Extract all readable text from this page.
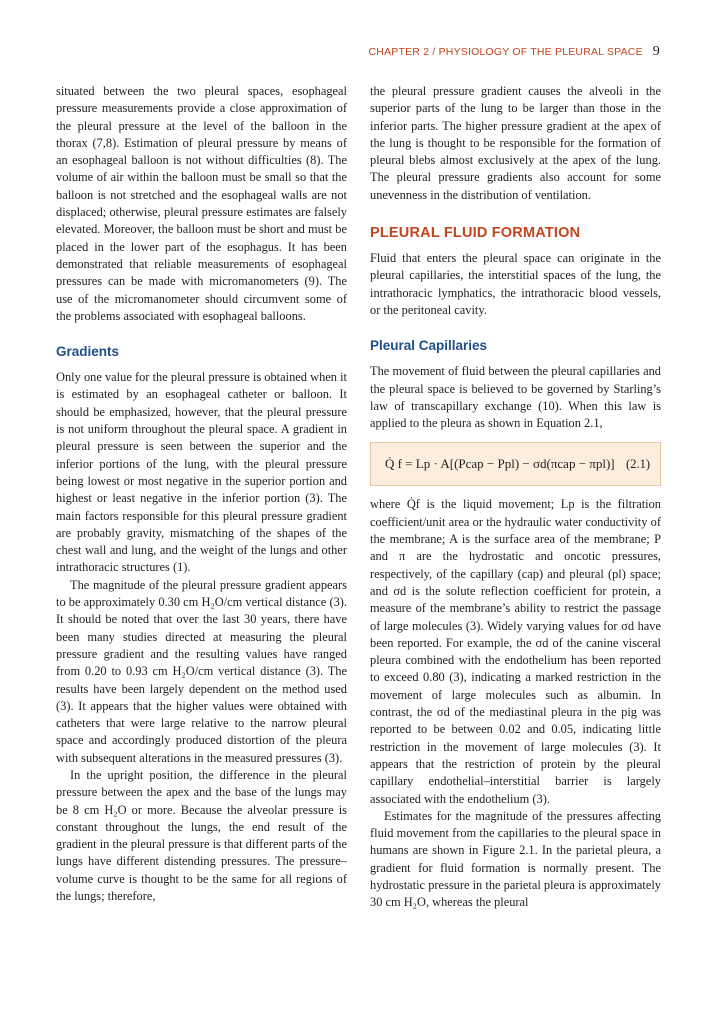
CHAPTER 2 / PHYSIOLOGY OF THE PLEURAL SPACE 9

situated between the two pleural spaces, esophageal pressure measurements provide a close approximation of the pleural pressure at the level of the balloon in the thorax (7,8). Estimation of pleural pressure by means of an esophageal balloon is not without difficulties (8). The volume of air within the balloon must be small so that the balloon is not stretched and the esophageal walls are not displaced; otherwise, pleural pressure estimates are falsely elevated. Moreover, the balloon must be short and must be placed in the lower part of the esophagus. It has been demonstrated that reliable measurements of esophageal pressures can be made with micromanometers (9). The use of the micromanometer should circumvent some of the problems associated with esophageal balloons.

Gradients

Only one value for the pleural pressure is obtained when it is estimated by an esophageal catheter or balloon. It should be emphasized, however, that the pleural pressure is not uniform throughout the pleural space. A gradient in pleural pressure is seen between the superior and the inferior portions of the lung, with the pleural pressure being lowest or most negative in the superior portion and highest or least negative in the inferior portion (3). The main factors responsible for this pleural pressure gradient are probably gravity, mismatching of the shapes of the chest wall and lung, and the weight of the lungs and other intrathoracic structures (1).

The magnitude of the pleural pressure gradient appears to be approximately 0.30 cm H₂O/cm vertical distance (3). It should be noted that over the last 30 years, there have been many studies directed at measuring the pleural pressure gradient and the resulting values have ranged from 0.20 to 0.93 cm H₂O/cm vertical distance (3). The results have been largely dependent on the method used (3). It appears that the higher values were obtained with catheters that were large relative to the narrow pleural space and accordingly produced distortion of the pleura with subsequent alterations in the measured pressures (3).

In the upright position, the difference in the pleural pressure between the apex and the base of the lungs may be 8 cm H₂O or more. Because the alveolar pressure is constant throughout the lungs, the end result of the gradient in the pleural pressure is that different parts of the lungs have different distending pressures. The pressure–volume curve is thought to be the same for all regions of the lungs; therefore,

the pleural pressure gradient causes the alveoli in the superior parts of the lung to be larger than those in the inferior parts. The higher pressure gradient at the apex of the lung is thought to be responsible for the formation of pleural blebs almost exclusively at the apex of the lung. The pleural pressure gradients also account for some unevenness in the distribution of ventilation.

PLEURAL FLUID FORMATION

Fluid that enters the pleural space can originate in the pleural capillaries, the interstitial spaces of the lung, the intrathoracic lymphatics, the intrathoracic blood vessels, or the peritoneal cavity.

Pleural Capillaries

The movement of fluid between the pleural capillaries and the pleural space is believed to be governed by Starling’s law of transcapillary exchange (10). When this law is applied to the pleura as shown in Equation 2.1,

Q̇ f = Lp · A[(Pcap − Ppl) − σd(πcap − πpl)] (2.1)

where Q̇f is the liquid movement; Lp is the filtration coefficient/unit area or the hydraulic water conductivity of the membrane; A is the surface area of the membrane; P and π are the hydrostatic and oncotic pressures, respectively, of the capillary (cap) and pleural (pl) space; and σd is the solute reflection coefficient for protein, a measure of the membrane’s ability to restrict the passage of large molecules (3). Widely varying values for σd have been reported. For example, the σd of the canine visceral pleura combined with the endothelium has been reported to exceed 0.80 (3), indicating a marked restriction in the movement of large molecules such as albumin. In contrast, the σd of the mediastinal pleura in the pig was reported to be between 0.02 and 0.05, indicating little restriction in the movement of large molecules (3). It appears that the restriction of protein by the pleural capillary endothelial–interstitial barrier is largely associated with the endothelium (3).

Estimates for the magnitude of the pressures affecting fluid movement from the capillaries to the pleural space in humans are shown in Figure 2.1. In the parietal pleura, a gradient for fluid formation is normally present. The hydrostatic pressure in the parietal pleura is approximately 30 cm H₂O, whereas the pleural
